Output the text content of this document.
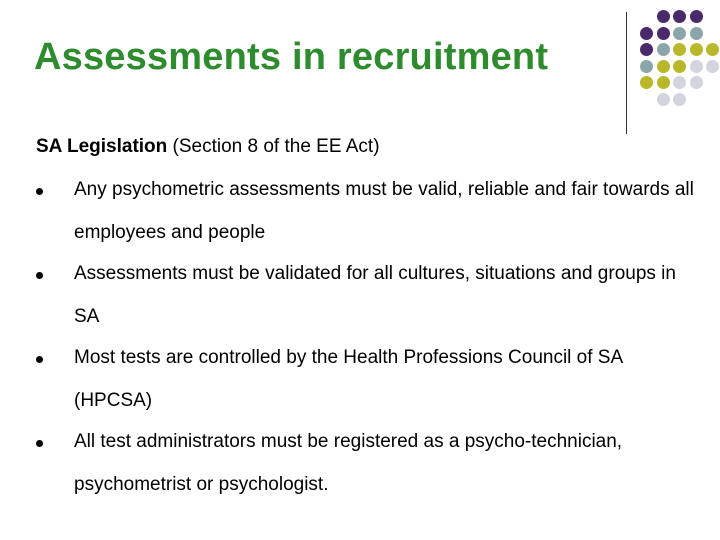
Assessments in recruitment
SA Legislation (Section 8 of the EE Act)
Any psychometric assessments must be valid, reliable and fair towards all employees and people
Assessments must be validated for all cultures, situations and groups in SA
Most tests are controlled by the Health Professions Council of SA (HPCSA)
All test administrators must be registered as a psycho-technician, psychometrist or psychologist.
